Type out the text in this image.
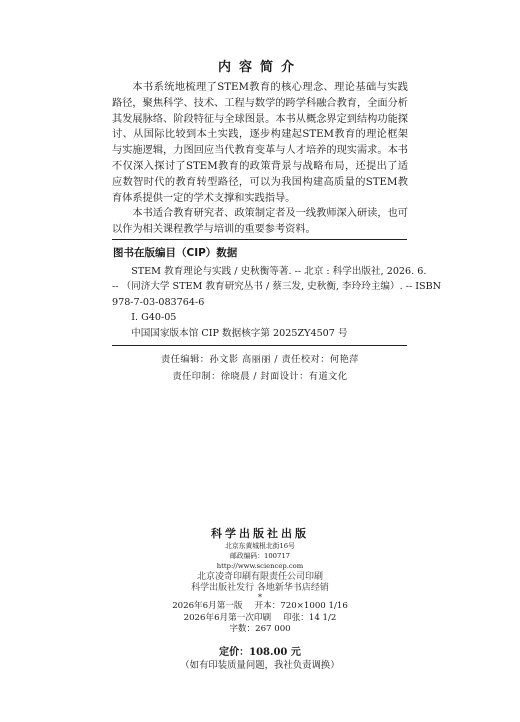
内容简介

本书系统地梳理了STEM教育的核心理念、理论基础与实践路径，聚焦科学、技术、工程与数学的跨学科融合教育，全面分析其发展脉络、阶段特征与全球图景。本书从概念界定到结构功能探讨、从国际比较到本土实践，逐步构建起STEM教育的理论框架与实施逻辑，力图回应当代教育变革与人才培养的现实需求。本书不仅深入探讨了STEM教育的政策背景与战略布局，还提出了适应数智时代的教育转型路径，可以为我国构建高质量的STEM教育体系提供一定的学术支撑和实践指导。

本书适合教育研究者、政策制定者及一线教师深入研读，也可以作为相关课程教学与培训的重要参考资料。

图书在版编目（CIP）数据
STEM 教育理论与实践 / 史秋衡等著. -- 北京 : 科学出版社, 2026. 6.
-- （同济大学 STEM 教育研究丛书 / 蔡三发, 史秋衡, 李玲玲主编）. -- ISBN
978-7-03-083764-6
Ⅰ. G40-05
中国国家版本馆 CIP 数据核字第 2025ZY4507 号
责任编辑：孙文影 高丽丽 / 责任校对：何艳萍
责任印制：徐晓晨 / 封面设计：有道文化
科学出版社出版
北京东黄城根北街16号
邮政编码：100717
http://www.sciencep.com
北京凌奇印刷有限责任公司印刷
科学出版社发行 各地新华书店经销
*
2026年6月第一版 开本：720×1000 1/16
2026年6月第一次印刷 印张：14 1/2
字数：267 000
定价：108.00 元
（如有印装质量问题，我社负责调换）
